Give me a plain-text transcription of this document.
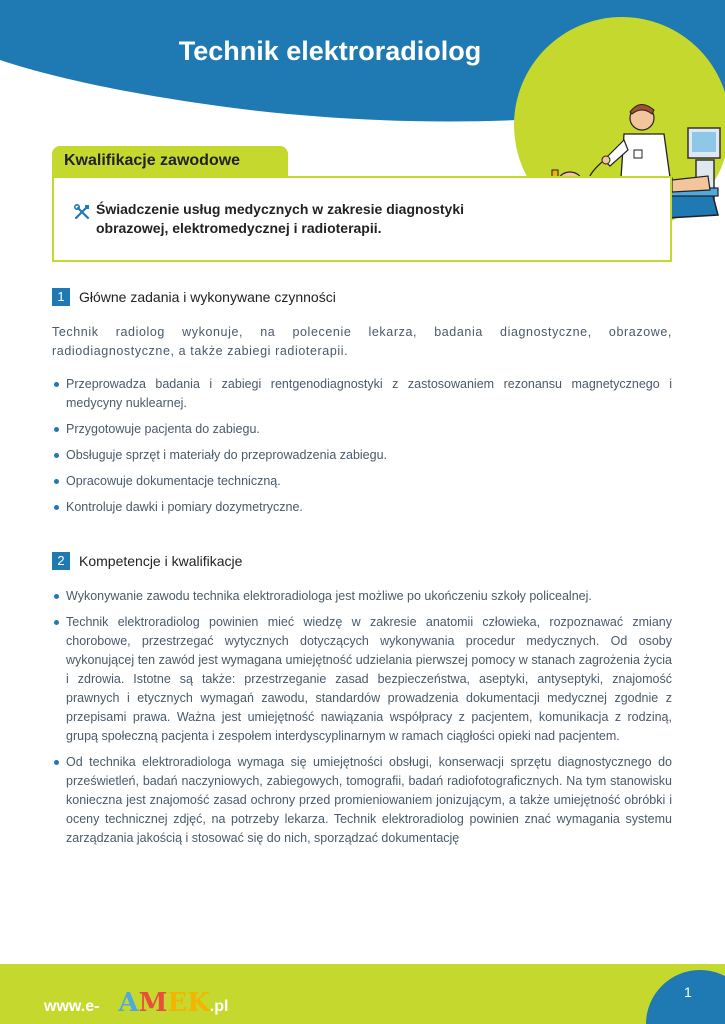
Technik elektroradiolog
Kwalifikacje zawodowe
Świadczenie usług medycznych w zakresie diagnostyki
obrazowej, elektromedycznej i radioterapii.
1	Główne zadania i wykonywane czynności
Technik radiolog wykonuje, na polecenie lekarza, badania diagnostyczne, obrazowe, radiodiagnostyczne, a także zabiegi radioterapii.
Przeprowadza badania i zabiegi rentgenodiagnostyki z zastosowaniem rezonansu magnetycznego i medycyny nuklearnej.
Przygotowuje pacjenta do zabiegu.
Obsługuje sprzęt i materiały do przeprowadzenia zabiegu.
Opracowuje dokumentacje techniczną.
Kontroluje dawki i pomiary dozymetryczne.
2	Kompetencje i kwalifikacje
Wykonywanie zawodu technika elektroradiologa jest możliwe po ukończeniu szkoły policealnej.
Technik elektroradiolog powinien mieć wiedzę w zakresie anatomii człowieka, rozpoznawać zmiany chorobowe, przestrzegać wytycznych dotyczących wykonywania procedur medycznych. Od osoby wykonującej ten zawód jest wymagana umiejętność udzielania pierwszej pomocy w stanach zagrożenia życia i zdrowia. Istotne są także: przestrzeganie zasad bezpieczeństwa, aseptyki, antyseptyki, znajomość prawnych i etycznych wymagań zawodu, standardów prowadzenia dokumentacji medycznej zgodnie z przepisami prawa. Ważna jest umiejętność nawiązania współpracy z pacjentem, komunikacja z rodziną, grupą społeczną pacjenta i zespołem interdyscyplinarnym w ramach ciągłości opieki nad pacjentem.
Od technika elektroradiologa wymaga się umiejętności obsługi, konserwacji sprzętu diagnostycznego do prześwietleń, badań naczyniowych, zabiegowych, tomografii, badań radiofotograficznych. Na tym stanowisku konieczna jest znajomość zasad ochrony przed promieniowaniem jonizującym, a także umiejętność obróbki i oceny technicznej zdjęć, na potrzeby lekarza. Technik elektroradiolog powinien znać wymagania systemu zarządzania jakością i stosować się do nich, sporządzać dokumentację
www.e-ZAMEK.pl
1
